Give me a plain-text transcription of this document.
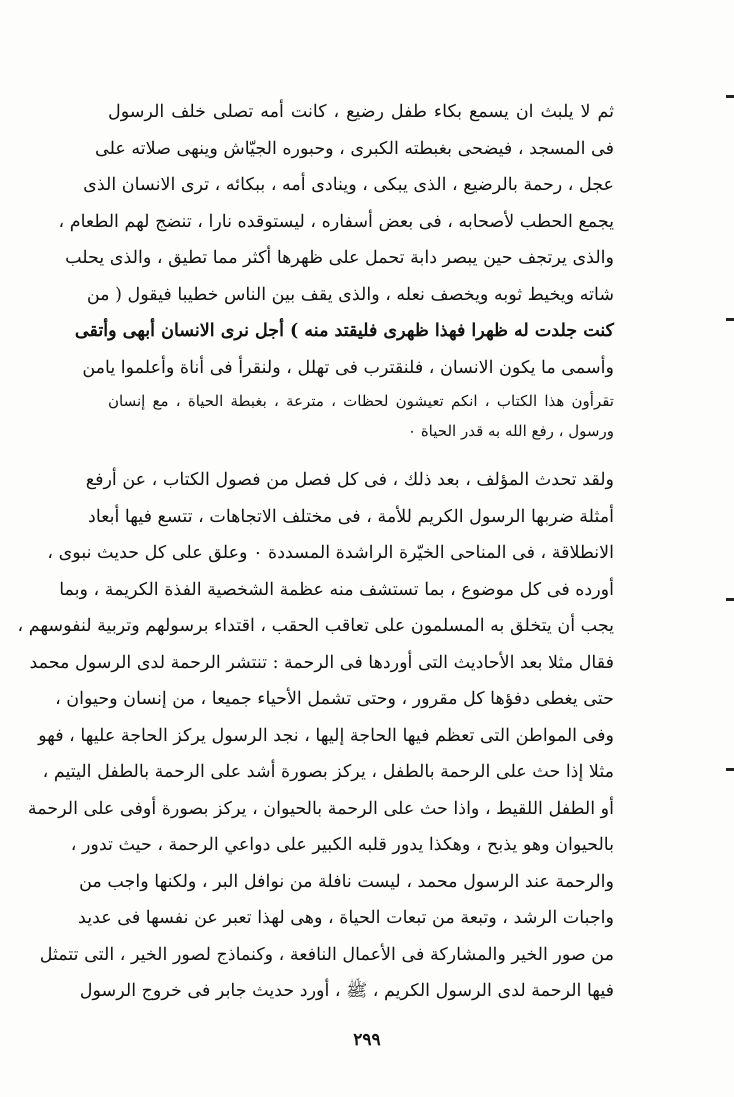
ثم لا يلبث ان يسمع بكاء طفل رضيع ، كانت أمه تصلى خلف الرسول
فى المسجد ، فيضحى بغبطته الكبرى ، وحبوره الجيّاش وينهى صلاته على
عجل ، رحمة بالرضيع ، الذى يبكى ، وينادى أمه ، ببكائه ، ترى الانسان الذى
يجمع الحطب لأصحابه ، فى بعض أسفاره ، ليستوقده نارا ، تنضج لهم الطعام ،
والذى يرتجف حين يبصر دابة تحمل على ظهرها أكثر مما تطيق ، والذى يحلب
شاته ويخيط ثوبه ويخصف نعله ، والذى يقف بين الناس خطيبا فيقول ( من
كنت جلدت له ظهرا فهذا ظهرى فليقتد منه ) أجل نرى الانسان أبهى وأتقى
وأسمى ما يكون الانسان ، فلنقترب فى تهلل ، ولنقرأ فى أناة وأعلموا يامن
تقرأون هذا الكتاب ، انكم تعيشون لحظات ، مترعة ، بغبطة الحياة ، مع إنسان
ورسول ، رفع الله به قدر الحياة ٠
ولقد تحدث المؤلف ، بعد ذلك ، فى كل فصل من فصول الكتاب ، عن أرفع
أمثلة ضربها الرسول الكريم للأمة ، فى مختلف الاتجاهات ، تتسع فيها أبعاد
الانطلاقة ، فى المناحى الخيّرة الراشدة المسددة ٠ وعلق على كل حديث نبوى ،
أورده فى كل موضوع ، بما تستشف منه عظمة الشخصية الفذة الكريمة ، وبما
يجب أن يتخلق به المسلمون على تعاقب الحقب ، اقتداء برسولهم وتربية لنفوسهم ،
فقال مثلا بعد الأحاديث التى أوردها فى الرحمة : تنتشر الرحمة لدى الرسول محمد
حتى يغطى دفؤها كل مقرور ، وحتى تشمل الأحياء جميعا ، من إنسان وحيوان ،
وفى المواطن التى تعظم فيها الحاجة إليها ، نجد الرسول يركز الحاجة عليها ، فهو
مثلا إذا حث على الرحمة بالطفل ، يركز بصورة أشد على الرحمة بالطفل اليتيم ،
أو الطفل اللقيط ، واذا حث على الرحمة بالحيوان ، يركز بصورة أوفى على الرحمة
بالحيوان وهو يذبح ، وهكذا يدور قلبه الكبير على دواعي الرحمة ، حيث تدور ،
والرحمة عند الرسول محمد ، ليست نافلة من نوافل البر ، ولكنها واجب من
واجبات الرشد ، وتبعة من تبعات الحياة ، وهى لهذا تعبر عن نفسها فى عديد
من صور الخير والمشاركة فى الأعمال النافعة ، وكنماذج لصور الخير ، التى تتمثل
فيها الرحمة لدى الرسول الكريم ، ﷺ ، أورد حديث جابر فى خروج الرسول
٢٩٩
